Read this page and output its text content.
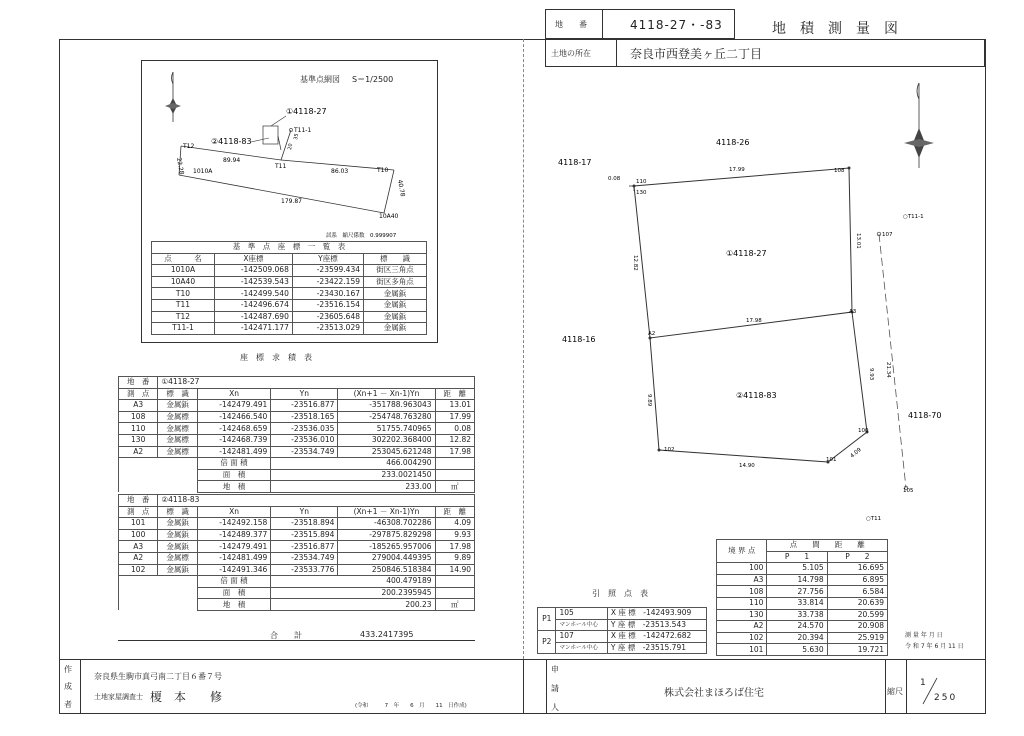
地　　番	4118-27・-83	地　積　測　量　図
土地の所在	奈良市西登美ヶ丘二丁目
基準点網図 S＝1/2500
①4118-27
②4118-83
T11-1
T12
T11
T10
1010A
10A40
89.94
86.03
179.87
22.28
40.78
20
35
試系　縮尺係数　0.999907
基　準　点　座　標　一　覧　表			
点　　　名	X座標	Y座標	標　　識
1010A	-142509.068	-23599.434	街区三角点
10A40	-142539.543	-23422.159	街区多角点
T10	-142499.540	-23430.167	金属鋲
T11	-142496.674	-23516.154	金属鋲
T12	-142487.690	-23605.648	金属鋲
T11-1	-142471.177	-23513.029	金属鋲
座　標　求　積　表
地　番	①4118-27				
測　点	標　識	Xn	Yn	(Xn+1 － Xn-1)Yn	距　離
A3	金属鋲	-142479.491	-23516.877	-351788.963043	13.01
108	金属標	-142466.540	-23518.165	-254748.763280	17.99
110	金属標	-142468.659	-23536.035	51755.740965	0.08
130	金属標	-142468.739	-23536.010	302202.368400	12.82
A2	金属標	-142481.499	-23534.749	253045.621248	17.98
		倍 面 積	466.004290		
		面　積	233.0021450		
		地　積	233.00		㎡
地　番	②4118-83				
測　点	標　識	Xn	Yn	(Xn+1 － Xn-1)Yn	距　離
101	金属鋲	-142492.158	-23518.894	-46308.702286	4.09
100	金属鋲	-142489.377	-23515.894	-297875.829298	9.93
A3	金属鋲	-142479.491	-23516.877	-185265.957006	17.98
A2	金属標	-142481.499	-23534.749	279004.449395	9.89
102	金属鋲	-142491.346	-23533.776	250846.518384	14.90
		倍 面 積	400.479189		
		面　積	200.2395945		
		地　積	200.23		㎡
合　　計	433.2417395
4118-26
4118-17
4118-16
4118-70
①4118-27
②4118-83
110
130
108
107
A2
A3
100
101
102
105
○T11-1
○T11
0.08
17.99
13.01
12.82
17.98
21.34
9.93
9.89
4.09
14.90
境 界 点	点　　間　　距　　離	
	P　　1	P　　2
100	5.105	16.695
A3	14.798	6.895
108	27.756	6.584
110	33.814	20.639
130	33.738	20.599
A2	24.570	20.908
102	20.394	25.919
101	5.630	19.721
引　照　点　表
P1	105	X 座 標　-142493.909
	マンホール中心	Y 座 標　-23513.543
P2	107	X 座 標　-142472.682
	マンホール中心	Y 座 標　-23515.791
測 量 年 月 日
令 和 7 年 6 月 11 日
作
成
者
奈良県生駒市真弓南二丁目６番７号
土地家屋調査士 榎　本　　修
(令和　　　7　年　　6　月　　11　日作成)
申
請
人
株式会社まほろば住宅	縮尺
1
250
